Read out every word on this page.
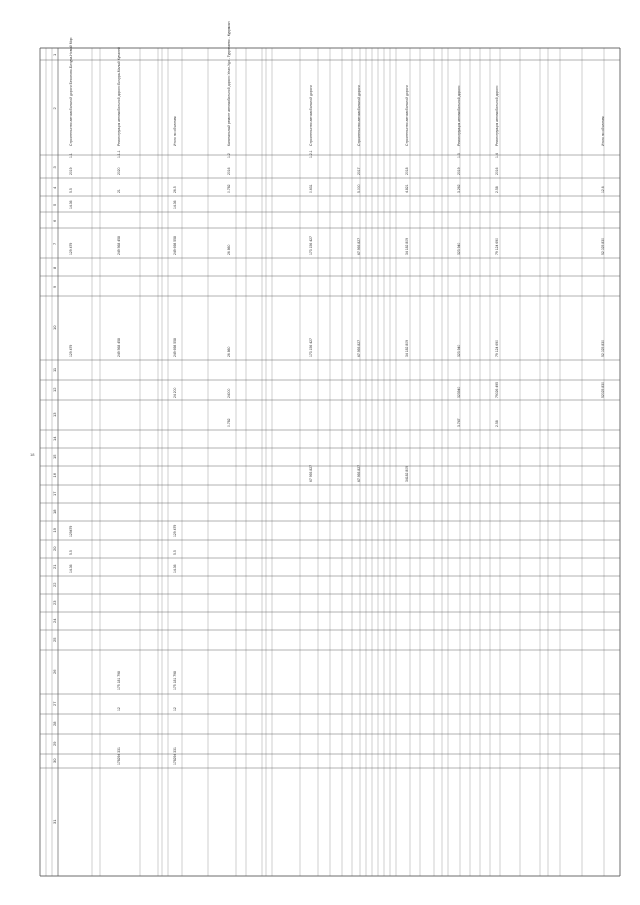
18
1
2
3
4
5
6
7
8
9
10
11
12
13
14
15
16
17
18
19
20
21
22
23
24
25
26
27
28
29
30
31
Строительство автомобильной дороги Бесоново-Бичура-Новый Мир
1.1
2019
5.5
14.36
129 479
129 479
129479
5.5
14.36
Реконструкция автомобильной дороги Бичура-Малый Куналей
1.1.1
2020
21
249 568 458
249 568 458
175 181 798
12
178294 331
Итого по объектам
26.5
14.36
249 698 558
249 698 558
24 200
129 479
5.5
14.36
175 181 798
12
178294 331
Капитальный ремонт автомобильной дороги Улан-Удэ - Турунтаево - Курумкан
1.2
2016
0.782
26 860
26 860
24000
0.782
Строительство автомобильной дороги
1.2.1
0.631
173 156 427
173 156 427
67 993 827
Строительство автомобильной дороги
2017
5.000
67 993 827
67 993 827
67 993 827
Строительство автомобильной дороги
2018
4.821
34 182 809
34 182 809
34182 809
Реконструкция автомобильной дороги
1.3
2019
3.262
323 940
323 940
323940
3.747
Реконструкция автомобильной дороги
1.4
2016
2.58
79 124 690
79 124 690
79026 495
2.58
Итого по объектам
12.6
52 025 830
52 025 830
52025 830
